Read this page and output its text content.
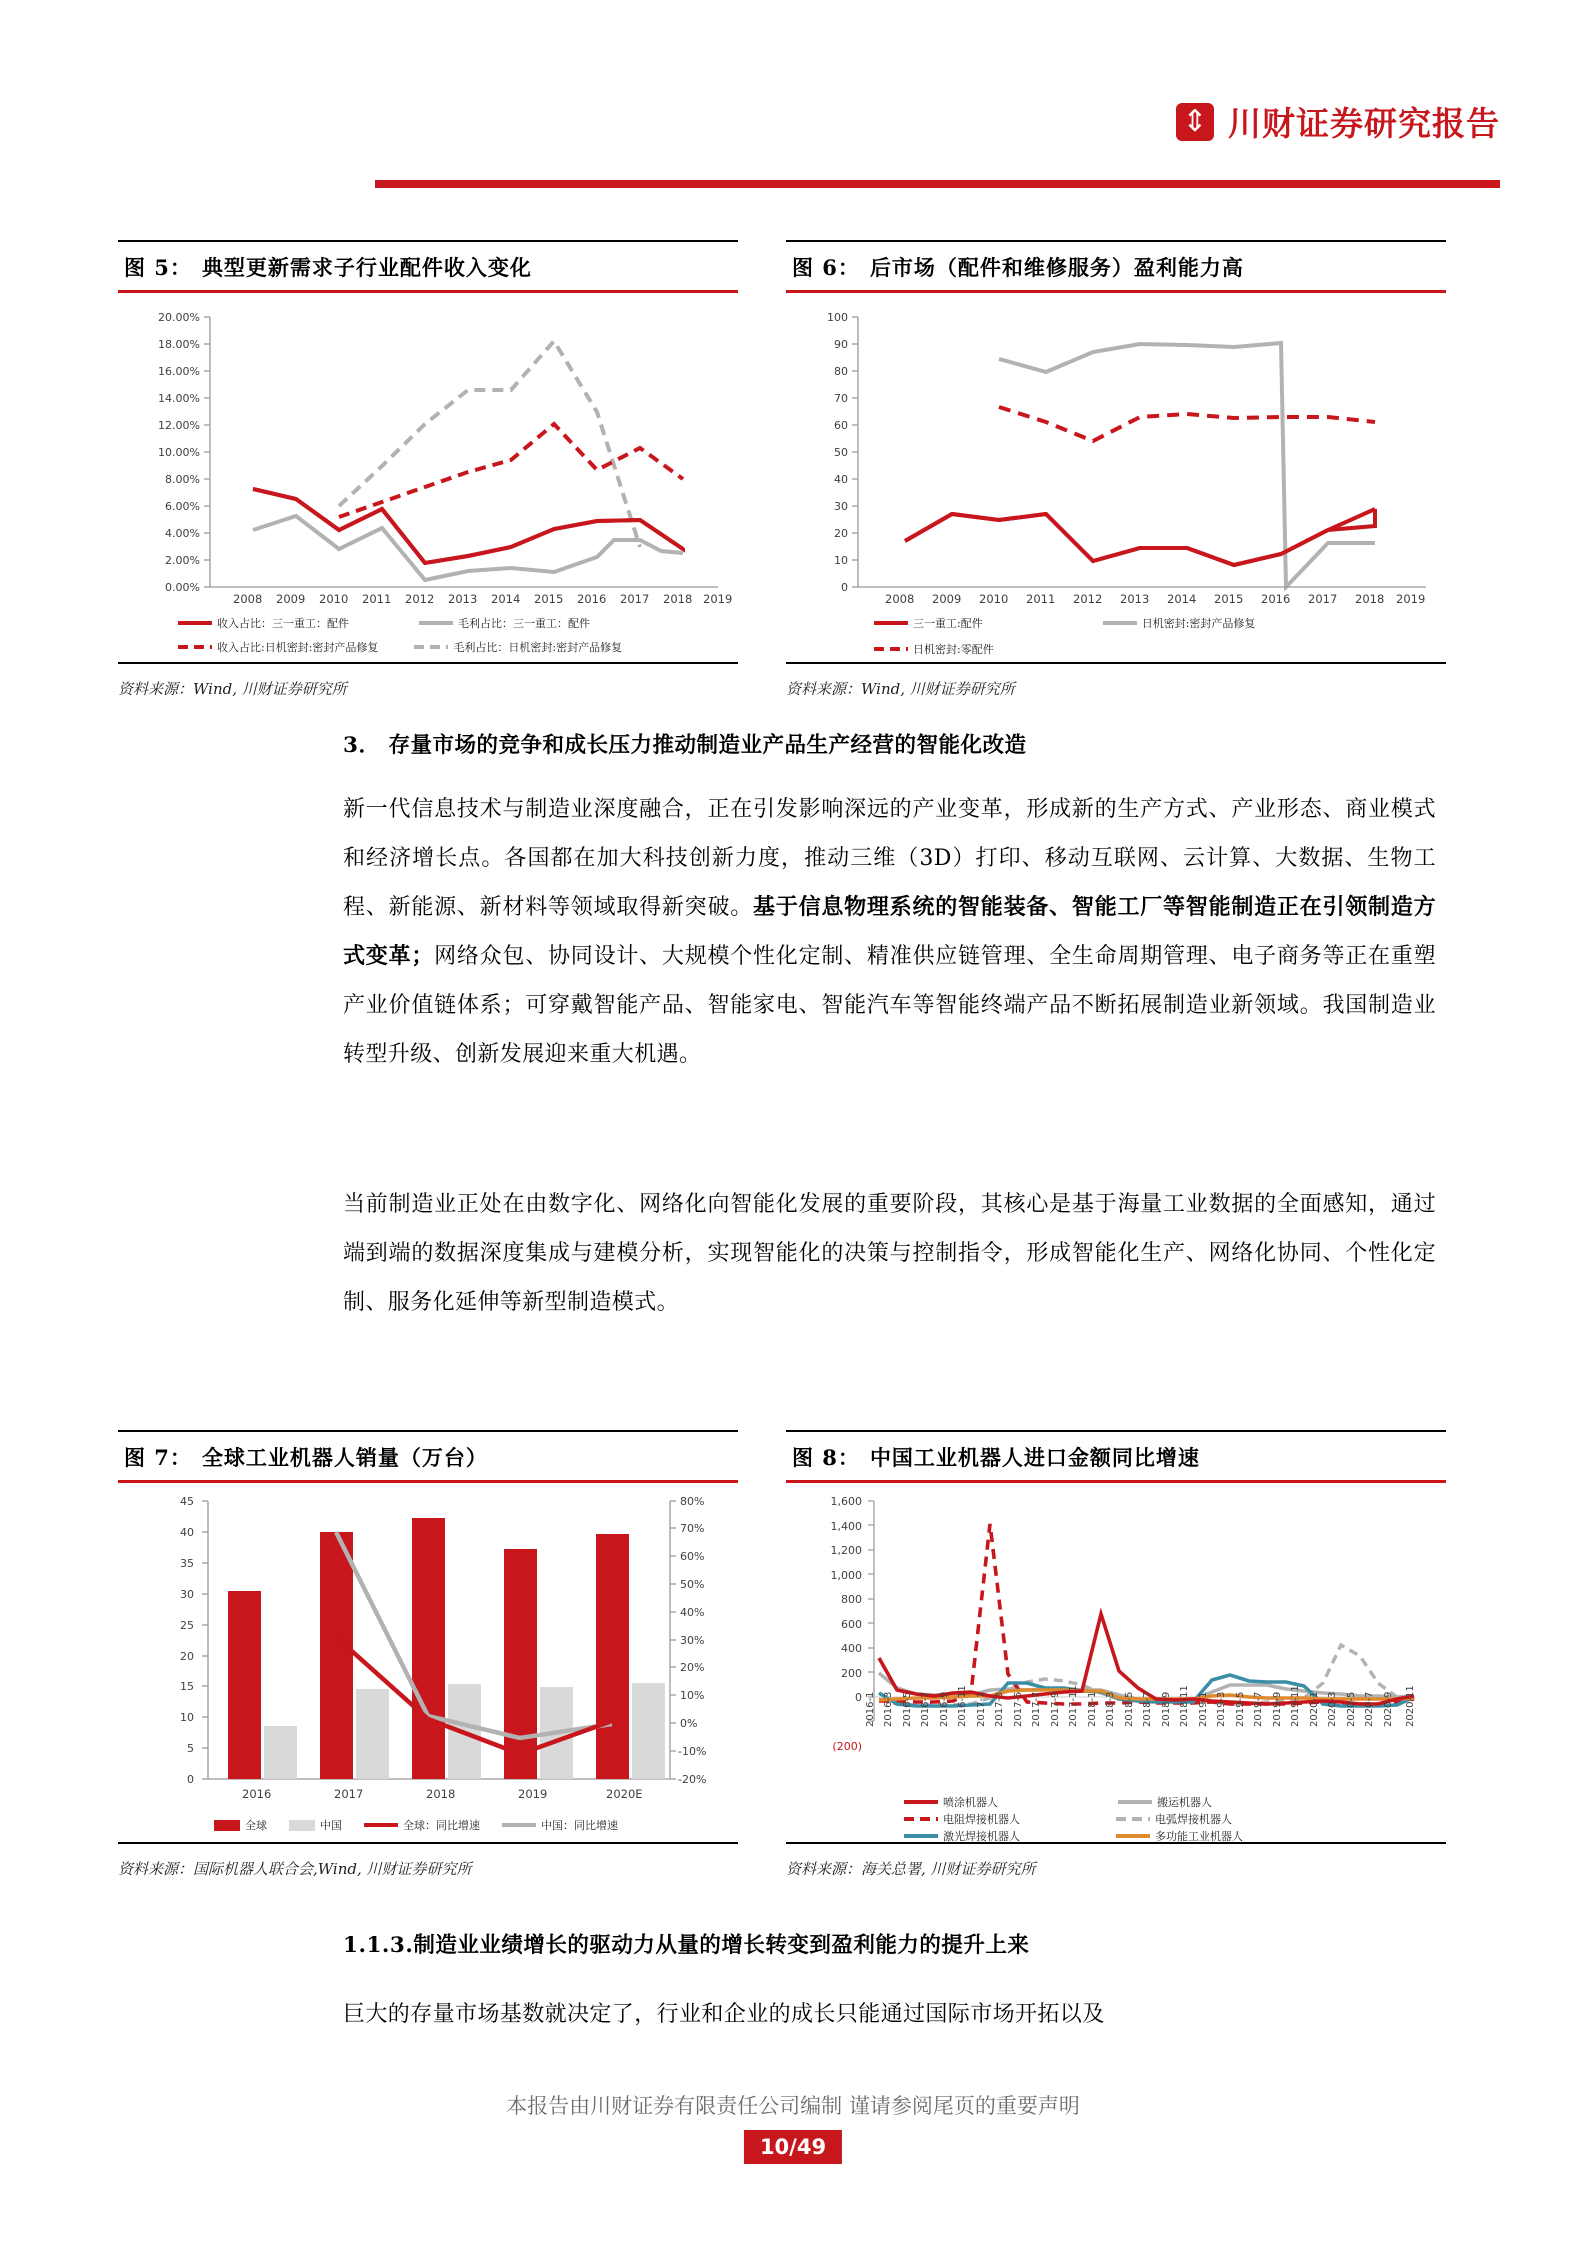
⇕
川财证券研究报告
图 5： 典型更新需求子行业配件收入变化
20.00%
18.00%
16.00%
14.00%
12.00%
10.00%
8.00%
6.00%
4.00%
2.00%
0.00%
2008 2009 2010 2011 2012 2013 2014 2015 2016 2017 2018 2019
收入占比：三一重工：配件	毛利占比：三一重工：配件
收入占比:日机密封:密封产品修复	毛利占比：日机密封:密封产品修复
资料来源：Wind, 川财证券研究所
图 6： 后市场（配件和维修服务）盈利能力高
100
90
80
70
60
50
40
30
20
10
0
2008 2009 2010 2011 2012 2013 2014 2015 2016 2017 2018 2019
三一重工:配件	日机密封:密封产品修复
日机密封:零配件
资料来源：Wind, 川财证券研究所
3． 存量市场的竞争和成长压力推动制造业产品生产经营的智能化改造
新一代信息技术与制造业深度融合，正在引发影响深远的产业变革，形成新的生产方式、产业形态、商业模式和经济增长点。各国都在加大科技创新力度，推动三维（3D）打印、移动互联网、云计算、大数据、生物工程、新能源、新材料等领域取得新突破。基于信息物理系统的智能装备、智能工厂等智能制造正在引领制造方式变革；网络众包、协同设计、大规模个性化定制、精准供应链管理、全生命周期管理、电子商务等正在重塑产业价值链体系；可穿戴智能产品、智能家电、智能汽车等智能终端产品不断拓展制造业新领域。我国制造业转型升级、创新发展迎来重大机遇。
当前制造业正处在由数字化、网络化向智能化发展的重要阶段，其核心是基于海量工业数据的全面感知，通过端到端的数据深度集成与建模分析，实现智能化的决策与控制指令，形成智能化生产、网络化协同、个性化定制、服务化延伸等新型制造模式。
图 7： 全球工业机器人销量（万台）
45
40
35
30
25
20
15
10
5
0
80%
70%
60%
50%
40%
30%
20%
10%
0%
-10%
-20%
2016	2017	2018	2019	2020E
全球	中国	全球：同比增速	中国：同比增速
资料来源：国际机器人联合会,Wind, 川财证券研究所
图 8： 中国工业机器人进口金额同比增速
1,600
1,400
1,200
1,000
800
600
400
200
0
(200)
2016-1 2016-3 2016-5 2016-7 2016-9 2016-11 2017-1 2017-3 2017-5 2017-7 2017-9 2017-11 2018-1 2018-3 2018-5 2018-7 2018-9 2018-11 2019-1 2019-3 2019-5 2019-7 2019-9 2019-11 2020-1 2020-3 2020-5 2020-7 2020-9 2020-11
喷涂机器人	搬运机器人
电阻焊接机器人	电弧焊接机器人
激光焊接机器人	多功能工业机器人
资料来源：海关总署, 川财证券研究所
1.1.3.制造业业绩增长的驱动力从量的增长转变到盈利能力的提升上来
巨大的存量市场基数就决定了，行业和企业的成长只能通过国际市场开拓以及
本报告由川财证券有限责任公司编制 谨请参阅尾页的重要声明
10/49
